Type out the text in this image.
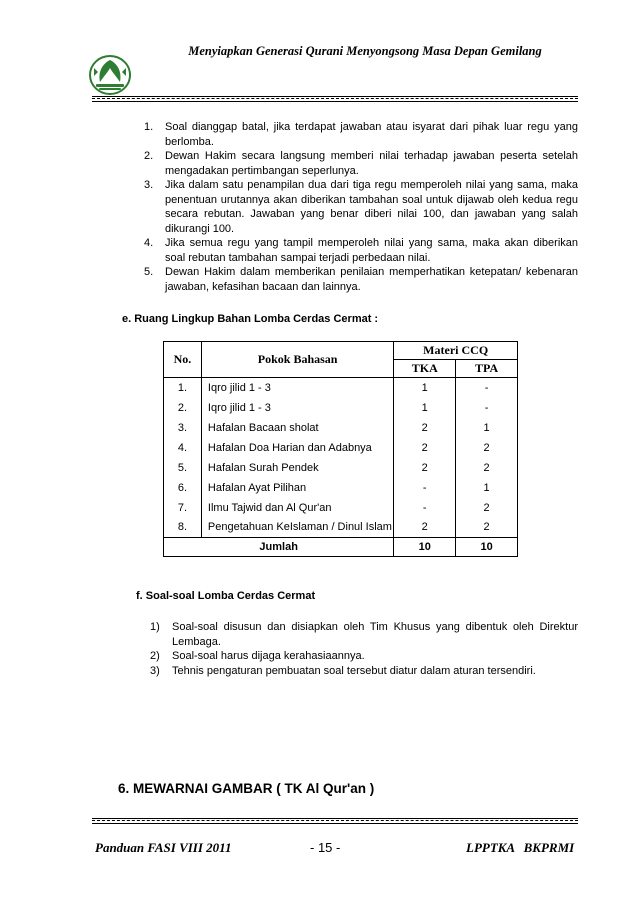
Menyiapkan Generasi Qurani Menyongsong Masa Depan Gemilang
1.	Soal dianggap batal, jika terdapat jawaban atau isyarat dari pihak luar regu yang berlomba.
2.	Dewan Hakim secara langsung memberi nilai terhadap jawaban peserta setelah mengadakan pertimbangan seperlunya.
3.	Jika dalam satu penampilan dua dari tiga regu memperoleh nilai yang sama, maka penentuan urutannya akan diberikan tambahan soal untuk dijawab oleh kedua regu secara rebutan. Jawaban yang benar diberi nilai 100, dan jawaban yang salah dikurangi 100.
4.	Jika semua regu yang tampil memperoleh nilai yang sama, maka akan diberikan soal rebutan tambahan sampai terjadi perbedaan nilai.
5.	Dewan Hakim dalam memberikan penilaian memperhatikan ketepatan/ kebenaran jawaban, kefasihan bacaan dan lainnya.
e. Ruang Lingkup Bahan Lomba Cerdas Cermat :
No.	Pokok Bahasan	Materi CCQ	
		TKA	TPA
1.	Iqro jilid 1 - 3	1	-
2.	Iqro jilid 1 - 3	1	-
3.	Hafalan Bacaan sholat	2	1
4.	Hafalan Doa Harian dan Adabnya	2	2
5.	Hafalan Surah Pendek	2	2
6.	Hafalan Ayat Pilihan	-	1
7.	Ilmu Tajwid dan Al Qur'an	-	2
8.	Pengetahuan KeIslaman / Dinul Islam	2	2
Jumlah		10	10
f. Soal-soal Lomba Cerdas Cermat
1)	Soal-soal disusun dan disiapkan oleh Tim Khusus yang dibentuk oleh Direktur Lembaga.
2)	Soal-soal harus dijaga kerahasiaannya.
3)	Tehnis pengaturan pembuatan soal tersebut diatur dalam aturan tersendiri.
6. MEWARNAI GAMBAR ( TK Al Qur'an )
Panduan FASI VIII 2011	- 15 -	LPPTKA BKPRMI
